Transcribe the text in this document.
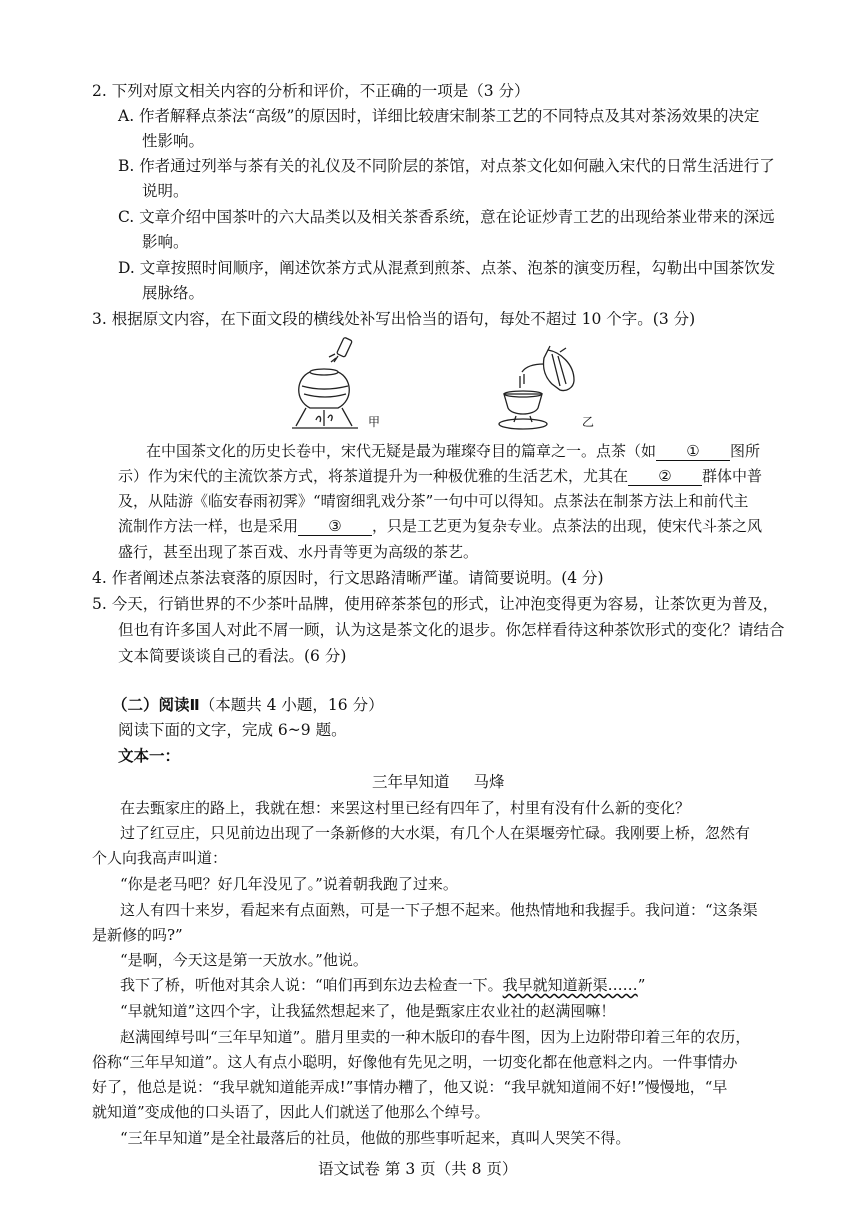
2. 下列对原文相关内容的分析和评价，不正确的一项是（3 分）
A. 作者解释点茶法“高级”的原因时，详细比较唐宋制茶工艺的不同特点及其对茶汤效果的决定
性影响。
B. 作者通过列举与茶有关的礼仪及不同阶层的茶馆，对点茶文化如何融入宋代的日常生活进行了
说明。
C. 文章介绍中国茶叶的六大品类以及相关茶香系统，意在论证炒青工艺的出现给茶业带来的深远
影响。
D. 文章按照时间顺序，阐述饮茶方式从混煮到煎茶、点茶、泡茶的演变历程，勾勒出中国茶饮发
展脉络。
3. 根据原文内容，在下面文段的横线处补写出恰当的语句，每处不超过 10 个字。(3 分)
甲	乙
在中国茶文化的历史长卷中，宋代无疑是最为璀璨夺目的篇章之一。点茶（如 ① 图所
示）作为宋代的主流饮茶方式，将茶道提升为一种极优雅的生活艺术，尤其在 ② 群体中普
及，从陆游《临安春雨初霁》“晴窗细乳戏分茶”一句中可以得知。点茶法在制茶方法上和前代主
流制作方法一样，也是采用 ③ ，只是工艺更为复杂专业。点茶法的出现，使宋代斗茶之风
盛行，甚至出现了茶百戏、水丹青等更为高级的茶艺。
4. 作者阐述点茶法衰落的原因时，行文思路清晰严谨。请简要说明。(4 分)
5. 今天，行销世界的不少茶叶品牌，使用碎茶茶包的形式，让冲泡变得更为容易，让茶饮更为普及，
但也有许多国人对此不屑一顾，认为这是茶文化的退步。你怎样看待这种茶饮形式的变化？请结合
文本简要谈谈自己的看法。(6 分)
（二）阅读Ⅱ（本题共 4 小题，16 分）
阅读下面的文字，完成 6~9 题。
文本一：
三年早知道 马烽
在去甄家庄的路上，我就在想：来罢这村里已经有四年了，村里有没有什么新的变化？
过了红豆庄，只见前边出现了一条新修的大水渠，有几个人在渠堰旁忙碌。我刚要上桥，忽然有
个人向我高声叫道：
“你是老马吧？好几年没见了。”说着朝我跑了过来。
这人有四十来岁，看起来有点面熟，可是一下子想不起来。他热情地和我握手。我问道：“这条渠
是新修的吗?”
“是啊，今天这是第一天放水。”他说。
我下了桥，听他对其余人说：“咱们再到东边去检查一下。我早就知道新渠……”
“早就知道”这四个字，让我猛然想起来了，他是甄家庄农业社的赵满囤嘛！
赵满囤绰号叫“三年早知道”。腊月里卖的一种木版印的春牛图，因为上边附带印着三年的农历，
俗称“三年早知道”。这人有点小聪明，好像他有先见之明，一切变化都在他意料之内。一件事情办
好了，他总是说：“我早就知道能弄成!”事情办糟了，他又说：“我早就知道闹不好!”慢慢地，“早
就知道”变成他的口头语了，因此人们就送了他那么个绰号。
“三年早知道”是全社最落后的社员，他做的那些事听起来，真叫人哭笑不得。
语文试卷 第 3 页（共 8 页）
